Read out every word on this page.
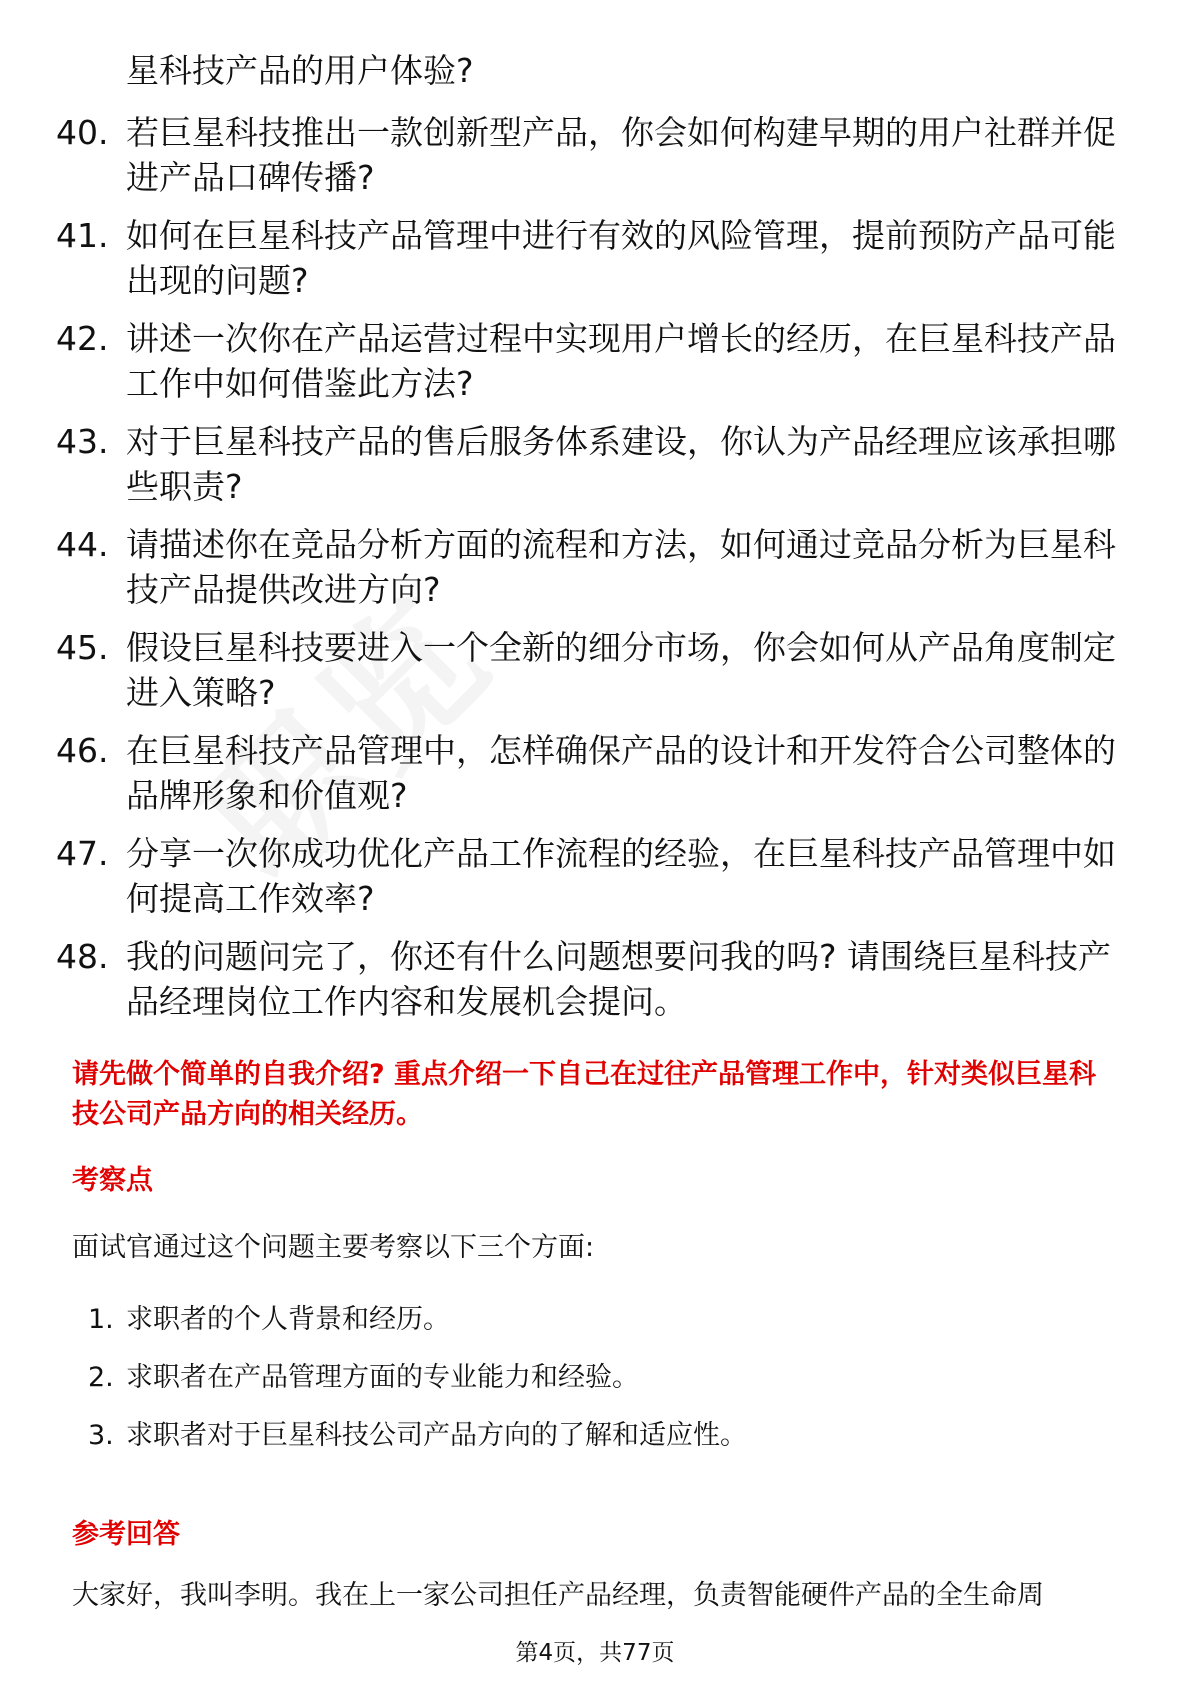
星科技产品的用户体验?
40. 若巨星科技推出一款创新型产品，你会如何构建早期的用户社群并促进产品口碑传播?
41. 如何在巨星科技产品管理中进行有效的风险管理，提前预防产品可能出现的问题?
42. 讲述一次你在产品运营过程中实现用户增长的经历，在巨星科技产品工作中如何借鉴此方法?
43. 对于巨星科技产品的售后服务体系建设，你认为产品经理应该承担哪些职责?
44. 请描述你在竞品分析方面的流程和方法，如何通过竞品分析为巨星科技产品提供改进方向?
45. 假设巨星科技要进入一个全新的细分市场，你会如何从产品角度制定进入策略?
46. 在巨星科技产品管理中，怎样确保产品的设计和开发符合公司整体的品牌形象和价值观?
47. 分享一次你成功优化产品工作流程的经验，在巨星科技产品管理中如何提高工作效率?
48. 我的问题问完了，你还有什么问题想要问我的吗? 请围绕巨星科技产品经理岗位工作内容和发展机会提问。
请先做个简单的自我介绍? 重点介绍一下自己在过往产品管理工作中，针对类似巨星科技公司产品方向的相关经历。
考察点
面试官通过这个问题主要考察以下三个方面:
1. 求职者的个人背景和经历。
2. 求职者在产品管理方面的专业能力和经验。
3. 求职者对于巨星科技公司产品方向的了解和适应性。
参考回答
大家好，我叫李明。我在上一家公司担任产品经理，负责智能硬件产品的全生命周
第4页，共77页
